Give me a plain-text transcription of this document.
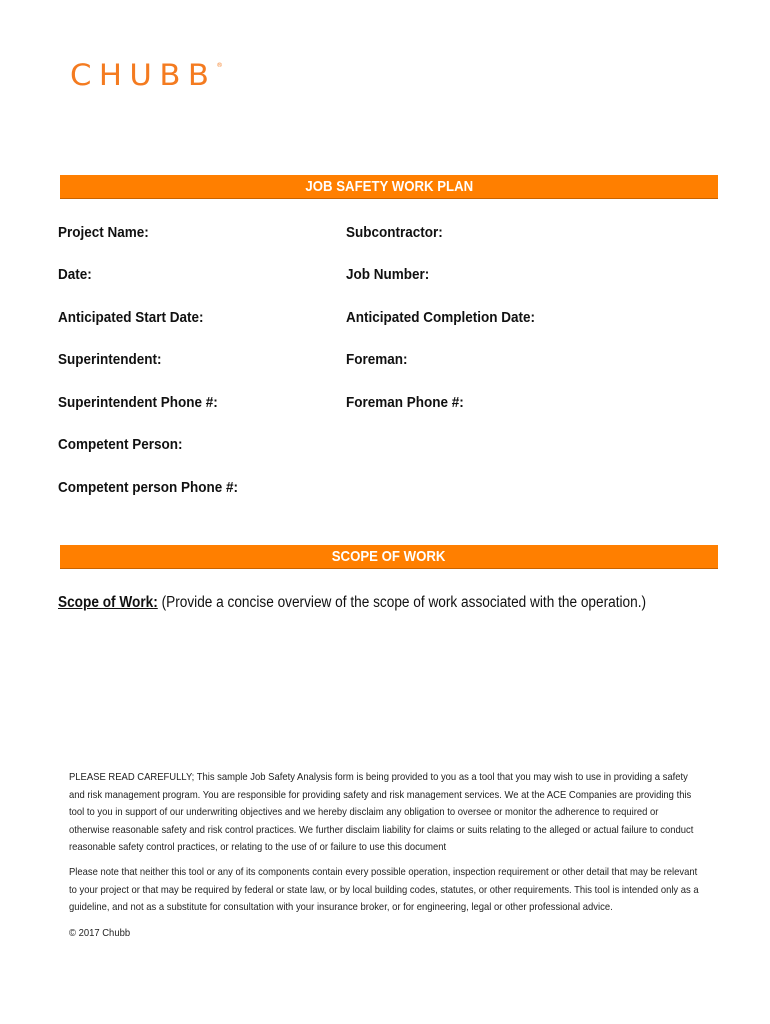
CHUBB®
JOB SAFETY WORK PLAN
Project Name:	Subcontractor:
Date:	Job Number:
Anticipated Start Date:	Anticipated Completion Date:
Superintendent:	Foreman:
Superintendent Phone #:	Foreman Phone #:
Competent Person:
Competent person Phone #:
SCOPE OF WORK
Scope of Work: (Provide a concise overview of the scope of work associated with the operation.)
PLEASE READ CAREFULLY; This sample Job Safety Analysis form is being provided to you as a tool that you may wish to use in providing a safety and risk management program. You are responsible for providing safety and risk management services. We at the ACE Companies are providing this tool to you in support of our underwriting objectives and we hereby disclaim any obligation to oversee or monitor the adherence to required or otherwise reasonable safety and risk control practices. We further disclaim liability for claims or suits relating to the alleged or actual failure to conduct reasonable safety control practices, or relating to the use of or failure to use this document
Please note that neither this tool or any of its components contain every possible operation, inspection requirement or other detail that may be relevant to your project or that may be required by federal or state law, or by local building codes, statutes, or other requirements. This tool is intended only as a guideline, and not as a substitute for consultation with your insurance broker, or for engineering, legal or other professional advice.
© 2017 Chubb
